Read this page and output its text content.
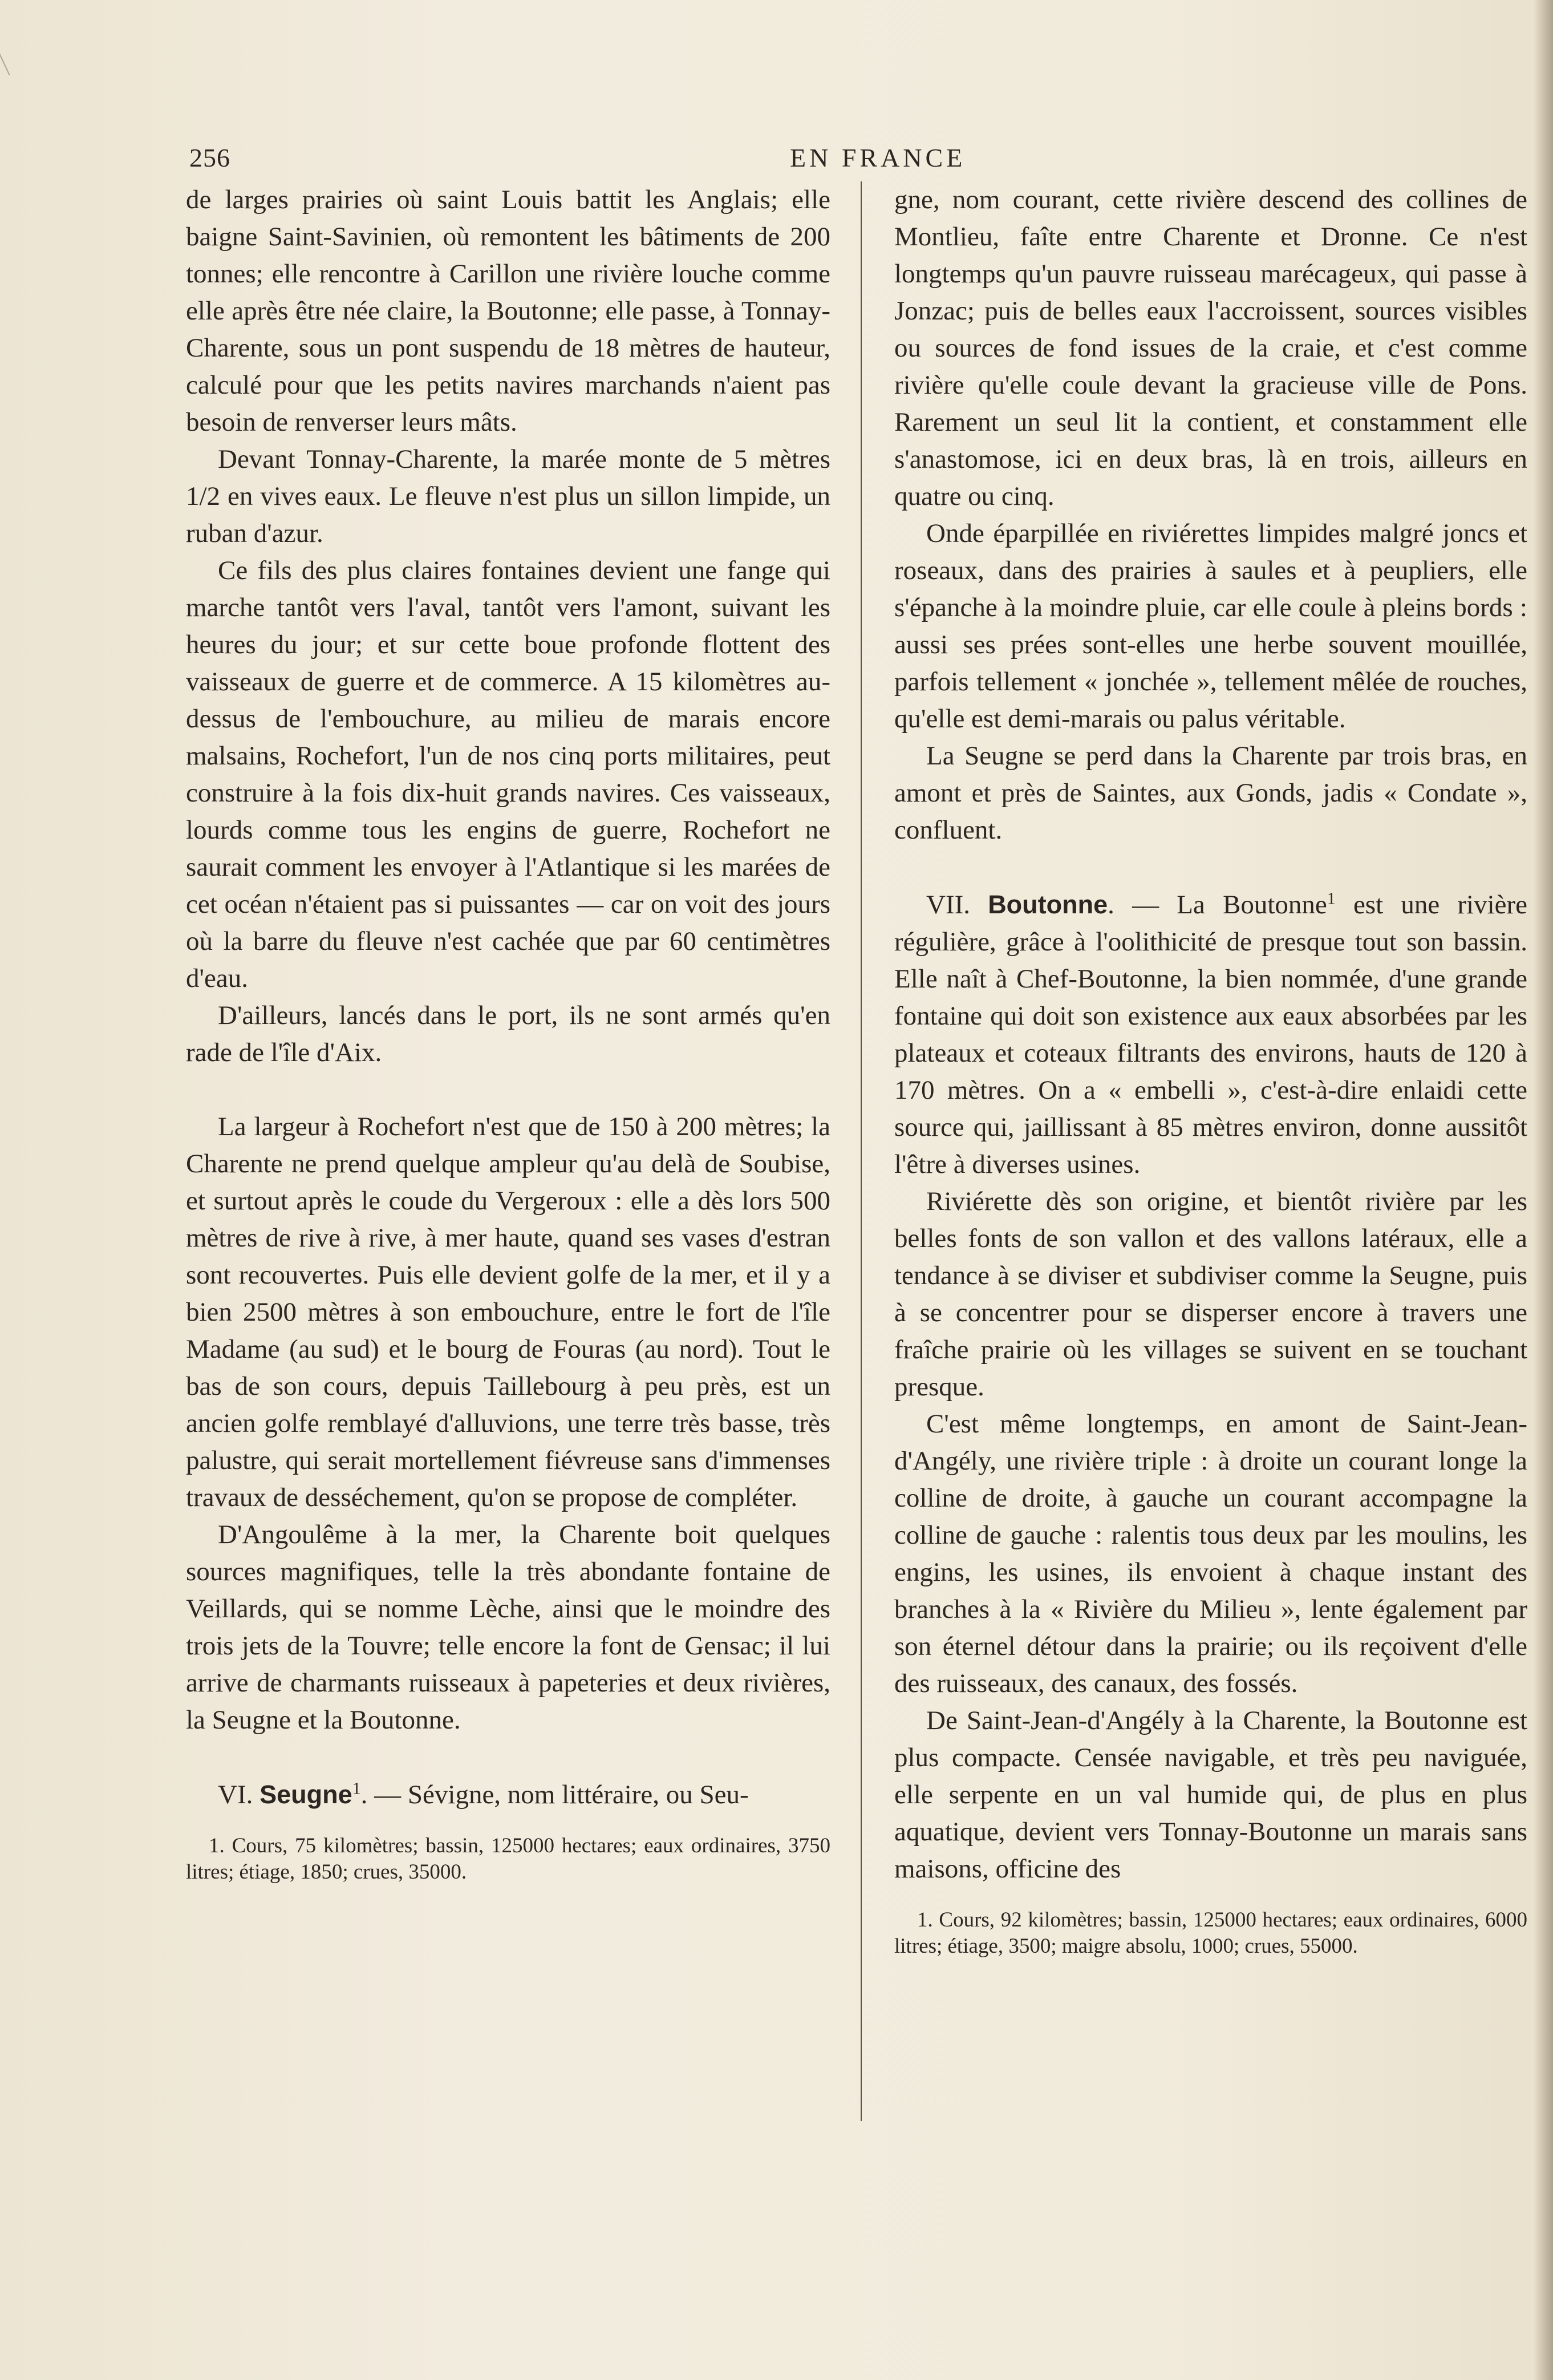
256	EN FRANCE

de larges prairies où saint Louis battit les Anglais; elle baigne Saint-Savinien, où remontent les bâtiments de 200 tonnes; elle rencontre à Carillon une rivière louche comme elle après être née claire, la Boutonne; elle passe, à Tonnay-Charente, sous un pont suspendu de 18 mètres de hauteur, calculé pour que les petits navires marchands n'aient pas besoin de renverser leurs mâts.

Devant Tonnay-Charente, la marée monte de 5 mètres 1/2 en vives eaux. Le fleuve n'est plus un sillon limpide, un ruban d'azur.

Ce fils des plus claires fontaines devient une fange qui marche tantôt vers l'aval, tantôt vers l'amont, suivant les heures du jour; et sur cette boue profonde flottent des vaisseaux de guerre et de commerce. A 15 kilomètres au-dessus de l'embouchure, au milieu de marais encore malsains, Rochefort, l'un de nos cinq ports militaires, peut construire à la fois dix-huit grands navires. Ces vaisseaux, lourds comme tous les engins de guerre, Rochefort ne saurait comment les envoyer à l'Atlantique si les marées de cet océan n'étaient pas si puissantes — car on voit des jours où la barre du fleuve n'est cachée que par 60 centimètres d'eau.

D'ailleurs, lancés dans le port, ils ne sont armés qu'en rade de l'île d'Aix.

La largeur à Rochefort n'est que de 150 à 200 mètres; la Charente ne prend quelque ampleur qu'au delà de Soubise, et surtout après le coude du Vergeroux : elle a dès lors 500 mètres de rive à rive, à mer haute, quand ses vases d'estran sont recouvertes. Puis elle devient golfe de la mer, et il y a bien 2500 mètres à son embouchure, entre le fort de l'île Madame (au sud) et le bourg de Fouras (au nord). Tout le bas de son cours, depuis Taillebourg à peu près, est un ancien golfe remblayé d'alluvions, une terre très basse, très palustre, qui serait mortellement fiévreuse sans d'immenses travaux de desséchement, qu'on se propose de compléter.

D'Angoulême à la mer, la Charente boit quelques sources magnifiques, telle la très abondante fontaine de Veillards, qui se nomme Lèche, ainsi que le moindre des trois jets de la Touvre; telle encore la font de Gensac; il lui arrive de charmants ruisseaux à papeteries et deux rivières, la Seugne et la Boutonne.

VI. Seugne$^1$. — Sévigne, nom littéraire, ou Seu-

1. Cours, 75 kilomètres; bassin, 125000 hectares; eaux ordinaires, 3750 litres; étiage, 1850; crues, 35000.

gne, nom courant, cette rivière descend des collines de Montlieu, faîte entre Charente et Dronne. Ce n'est longtemps qu'un pauvre ruisseau marécageux, qui passe à Jonzac; puis de belles eaux l'accroissent, sources visibles ou sources de fond issues de la craie, et c'est comme rivière qu'elle coule devant la gracieuse ville de Pons. Rarement un seul lit la contient, et constamment elle s'anastomose, ici en deux bras, là en trois, ailleurs en quatre ou cinq.

Onde éparpillée en riviérettes limpides malgré joncs et roseaux, dans des prairies à saules et à peupliers, elle s'épanche à la moindre pluie, car elle coule à pleins bords : aussi ses prées sont-elles une herbe souvent mouillée, parfois tellement « jonchée », tellement mêlée de rouches, qu'elle est demi-marais ou palus véritable.

La Seugne se perd dans la Charente par trois bras, en amont et près de Saintes, aux Gonds, jadis « Condate », confluent.

VII. Boutonne. — La Boutonne$^1$ est une rivière régulière, grâce à l'oolithicité de presque tout son bassin. Elle naît à Chef-Boutonne, la bien nommée, d'une grande fontaine qui doit son existence aux eaux absorbées par les plateaux et coteaux filtrants des environs, hauts de 120 à 170 mètres. On a « embelli », c'est-à-dire enlaidi cette source qui, jaillissant à 85 mètres environ, donne aussitôt l'être à diverses usines.

Riviérette dès son origine, et bientôt rivière par les belles fonts de son vallon et des vallons latéraux, elle a tendance à se diviser et subdiviser comme la Seugne, puis à se concentrer pour se disperser encore à travers une fraîche prairie où les villages se suivent en se touchant presque.

C'est même longtemps, en amont de Saint-Jean-d'Angély, une rivière triple : à droite un courant longe la colline de droite, à gauche un courant accompagne la colline de gauche : ralentis tous deux par les moulins, les engins, les usines, ils envoient à chaque instant des branches à la « Rivière du Milieu », lente également par son éternel détour dans la prairie; ou ils reçoivent d'elle des ruisseaux, des canaux, des fossés.

De Saint-Jean-d'Angély à la Charente, la Boutonne est plus compacte. Censée navigable, et très peu naviguée, elle serpente en un val humide qui, de plus en plus aquatique, devient vers Tonnay-Boutonne un marais sans maisons, officine des

1. Cours, 92 kilomètres; bassin, 125000 hectares; eaux ordinaires, 6000 litres; étiage, 3500; maigre absolu, 1000; crues, 55000.
